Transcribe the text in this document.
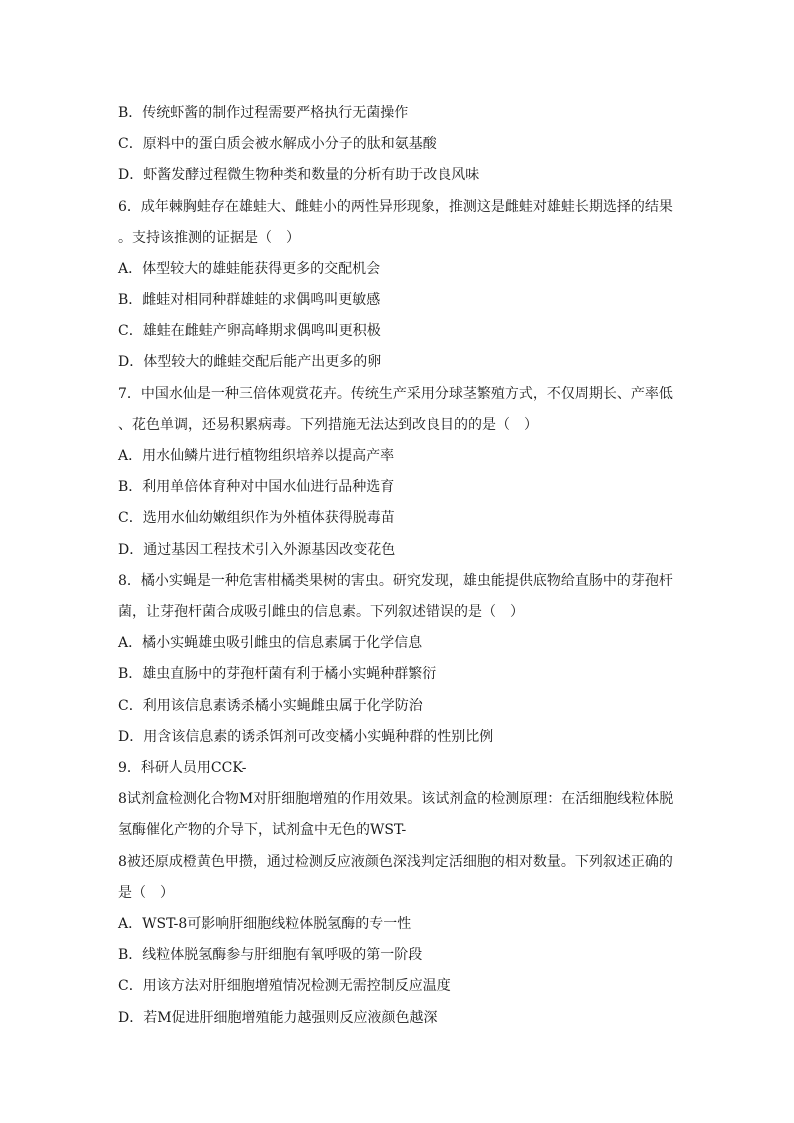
B．传统虾酱的制作过程需要严格执行无菌操作
C．原料中的蛋白质会被水解成小分子的肽和氨基酸
D．虾酱发酵过程微生物种类和数量的分析有助于改良风味
6．成年棘胸蛙存在雄蛙大、雌蛙小的两性异形现象，推测这是雌蛙对雄蛙长期选择的结果
。支持该推测的证据是（　）
A．体型较大的雄蛙能获得更多的交配机会
B．雌蛙对相同种群雄蛙的求偶鸣叫更敏感
C．雄蛙在雌蛙产卵高峰期求偶鸣叫更积极
D．体型较大的雌蛙交配后能产出更多的卵
7．中国水仙是一种三倍体观赏花卉。传统生产采用分球茎繁殖方式，不仅周期长、产率低
、花色单调，还易积累病毒。下列措施无法达到改良目的的是（　）
A．用水仙鳞片进行植物组织培养以提高产率
B．利用单倍体育种对中国水仙进行品种选育
C．选用水仙幼嫩组织作为外植体获得脱毒苗
D．通过基因工程技术引入外源基因改变花色
8．橘小实蝇是一种危害柑橘类果树的害虫。研究发现，雄虫能提供底物给直肠中的芽孢杆
菌，让芽孢杆菌合成吸引雌虫的信息素。下列叙述错误的是（　）
A．橘小实蝇雄虫吸引雌虫的信息素属于化学信息
B．雄虫直肠中的芽孢杆菌有利于橘小实蝇种群繁衍
C．利用该信息素诱杀橘小实蝇雌虫属于化学防治
D．用含该信息素的诱杀饵剂可改变橘小实蝇种群的性别比例
9．科研人员用CCK-
8试剂盒检测化合物M对肝细胞增殖的作用效果。该试剂盒的检测原理：在活细胞线粒体脱
氢酶催化产物的介导下，试剂盒中无色的WST-
8被还原成橙黄色甲攒，通过检测反应液颜色深浅判定活细胞的相对数量。下列叙述正确的
是（　）
A．WST-8可影响肝细胞线粒体脱氢酶的专一性
B．线粒体脱氢酶参与肝细胞有氧呼吸的第一阶段
C．用该方法对肝细胞增殖情况检测无需控制反应温度
D．若M促进肝细胞增殖能力越强则反应液颜色越深
